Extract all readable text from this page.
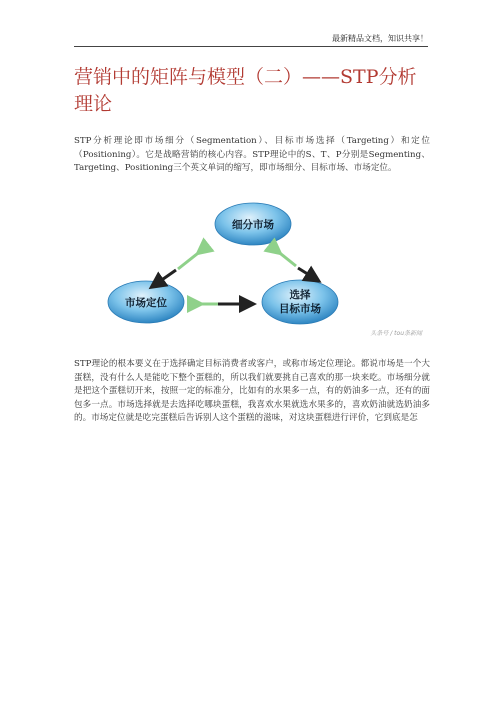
最新精品文档，知识共享！
营销中的矩阵与模型（二）——STP分析理论

STP分析理论即市场细分（Segmentation）、目标市场选择（Targeting）和定位（Positioning）。它是战略营销的核心内容。STP理论中的S、T、P分别是Segmenting、Targeting、Positioning三个英文单词的缩写，即市场细分、目标市场、市场定位。

细分市场
市场定位
选择
目标市场
头条号 / tou条新闻

STP理论的根本要义在于选择确定目标消费者或客户，或称市场定位理论。都说市场是一个大蛋糕，没有什么人是能吃下整个蛋糕的，所以我们就要挑自己喜欢的那一块来吃。市场细分就是把这个蛋糕切开来，按照一定的标准分，比如有的水果多一点，有的奶油多一点，还有的面包多一点。市场选择就是去选择吃哪块蛋糕，我喜欢水果就选水果多的，喜欢奶油就选奶油多的。市场定位就是吃完蛋糕后告诉别人这个蛋糕的滋味，对这块蛋糕进行评价，它到底是怎
